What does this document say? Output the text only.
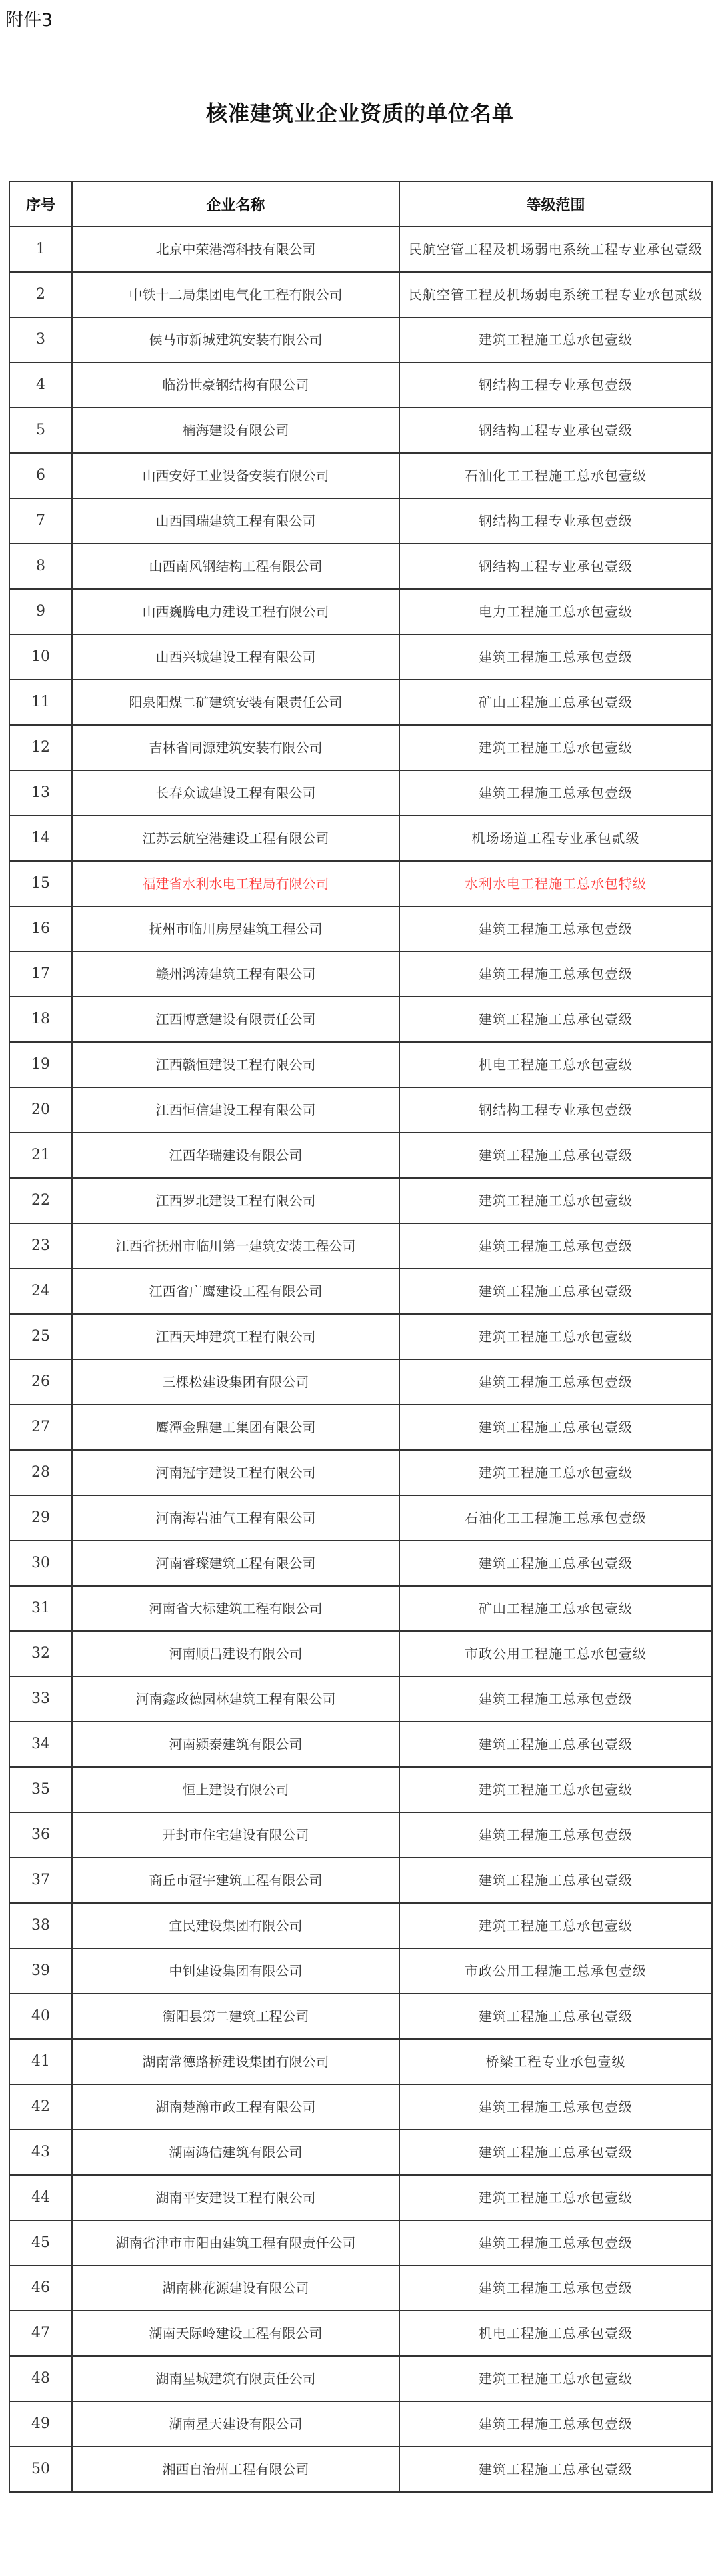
附件3
核准建筑业企业资质的单位名单
序号	企业名称	等级范围
1	北京中荣港湾科技有限公司	民航空管工程及机场弱电系统工程专业承包壹级
2	中铁十二局集团电气化工程有限公司	民航空管工程及机场弱电系统工程专业承包贰级
3	侯马市新城建筑安装有限公司	建筑工程施工总承包壹级
4	临汾世豪钢结构有限公司	钢结构工程专业承包壹级
5	楠海建设有限公司	钢结构工程专业承包壹级
6	山西安好工业设备安装有限公司	石油化工工程施工总承包壹级
7	山西国瑞建筑工程有限公司	钢结构工程专业承包壹级
8	山西南风钢结构工程有限公司	钢结构工程专业承包壹级
9	山西巍腾电力建设工程有限公司	电力工程施工总承包壹级
10	山西兴城建设工程有限公司	建筑工程施工总承包壹级
11	阳泉阳煤二矿建筑安装有限责任公司	矿山工程施工总承包壹级
12	吉林省同源建筑安装有限公司	建筑工程施工总承包壹级
13	长春众诚建设工程有限公司	建筑工程施工总承包壹级
14	江苏云航空港建设工程有限公司	机场场道工程专业承包贰级
15	福建省水利水电工程局有限公司	水利水电工程施工总承包特级
16	抚州市临川房屋建筑工程公司	建筑工程施工总承包壹级
17	赣州鸿涛建筑工程有限公司	建筑工程施工总承包壹级
18	江西博意建设有限责任公司	建筑工程施工总承包壹级
19	江西赣恒建设工程有限公司	机电工程施工总承包壹级
20	江西恒信建设工程有限公司	钢结构工程专业承包壹级
21	江西华瑞建设有限公司	建筑工程施工总承包壹级
22	江西罗北建设工程有限公司	建筑工程施工总承包壹级
23	江西省抚州市临川第一建筑安装工程公司	建筑工程施工总承包壹级
24	江西省广鹰建设工程有限公司	建筑工程施工总承包壹级
25	江西天坤建筑工程有限公司	建筑工程施工总承包壹级
26	三棵松建设集团有限公司	建筑工程施工总承包壹级
27	鹰潭金鼎建工集团有限公司	建筑工程施工总承包壹级
28	河南冠宇建设工程有限公司	建筑工程施工总承包壹级
29	河南海岩油气工程有限公司	石油化工工程施工总承包壹级
30	河南睿璨建筑工程有限公司	建筑工程施工总承包壹级
31	河南省大标建筑工程有限公司	矿山工程施工总承包壹级
32	河南顺昌建设有限公司	市政公用工程施工总承包壹级
33	河南鑫政德园林建筑工程有限公司	建筑工程施工总承包壹级
34	河南颍泰建筑有限公司	建筑工程施工总承包壹级
35	恒上建设有限公司	建筑工程施工总承包壹级
36	开封市住宅建设有限公司	建筑工程施工总承包壹级
37	商丘市冠宇建筑工程有限公司	建筑工程施工总承包壹级
38	宜民建设集团有限公司	建筑工程施工总承包壹级
39	中钊建设集团有限公司	市政公用工程施工总承包壹级
40	衡阳县第二建筑工程公司	建筑工程施工总承包壹级
41	湖南常德路桥建设集团有限公司	桥梁工程专业承包壹级
42	湖南楚瀚市政工程有限公司	建筑工程施工总承包壹级
43	湖南鸿信建筑有限公司	建筑工程施工总承包壹级
44	湖南平安建设工程有限公司	建筑工程施工总承包壹级
45	湖南省津市市阳由建筑工程有限责任公司	建筑工程施工总承包壹级
46	湖南桃花源建设有限公司	建筑工程施工总承包壹级
47	湖南天际岭建设工程有限公司	机电工程施工总承包壹级
48	湖南星城建筑有限责任公司	建筑工程施工总承包壹级
49	湖南星天建设有限公司	建筑工程施工总承包壹级
50	湘西自治州工程有限公司	建筑工程施工总承包壹级
